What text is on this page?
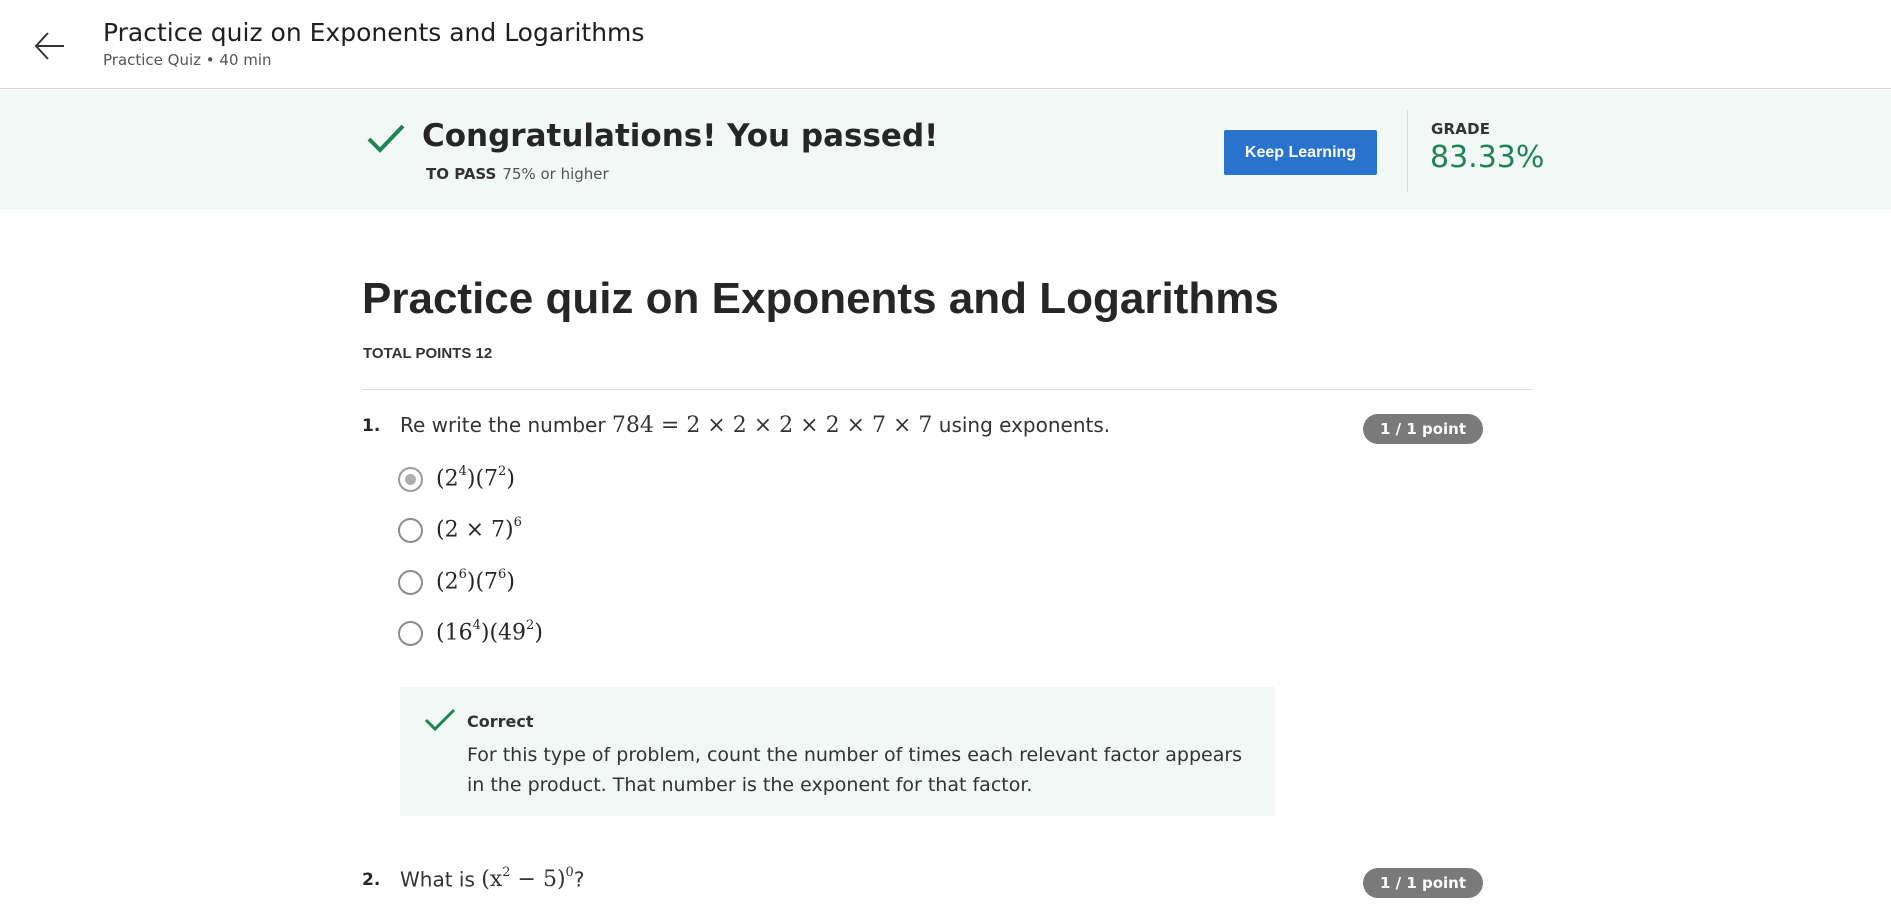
Practice quiz on Exponents and Logarithms
Practice Quiz • 40 min
Congratulations! You passed!
TO PASS 75% or higher
Keep Learning
GRADE
83.33%
Practice quiz on Exponents and Logarithms
TOTAL POINTS 12
1. Re write the number 784 = 2 × 2 × 2 × 2 × 7 × 7 using exponents.	1 / 1 point
$(2^4)(7^2)$
$(2 \times 7)^6$
$(2^6)(7^6)$
$(16^4)(49^2)$
Correct
For this type of problem, count the number of times each relevant factor appears in the product. That number is the exponent for that factor.
2. What is $(x^2 - 5)^0$?	1 / 1 point
